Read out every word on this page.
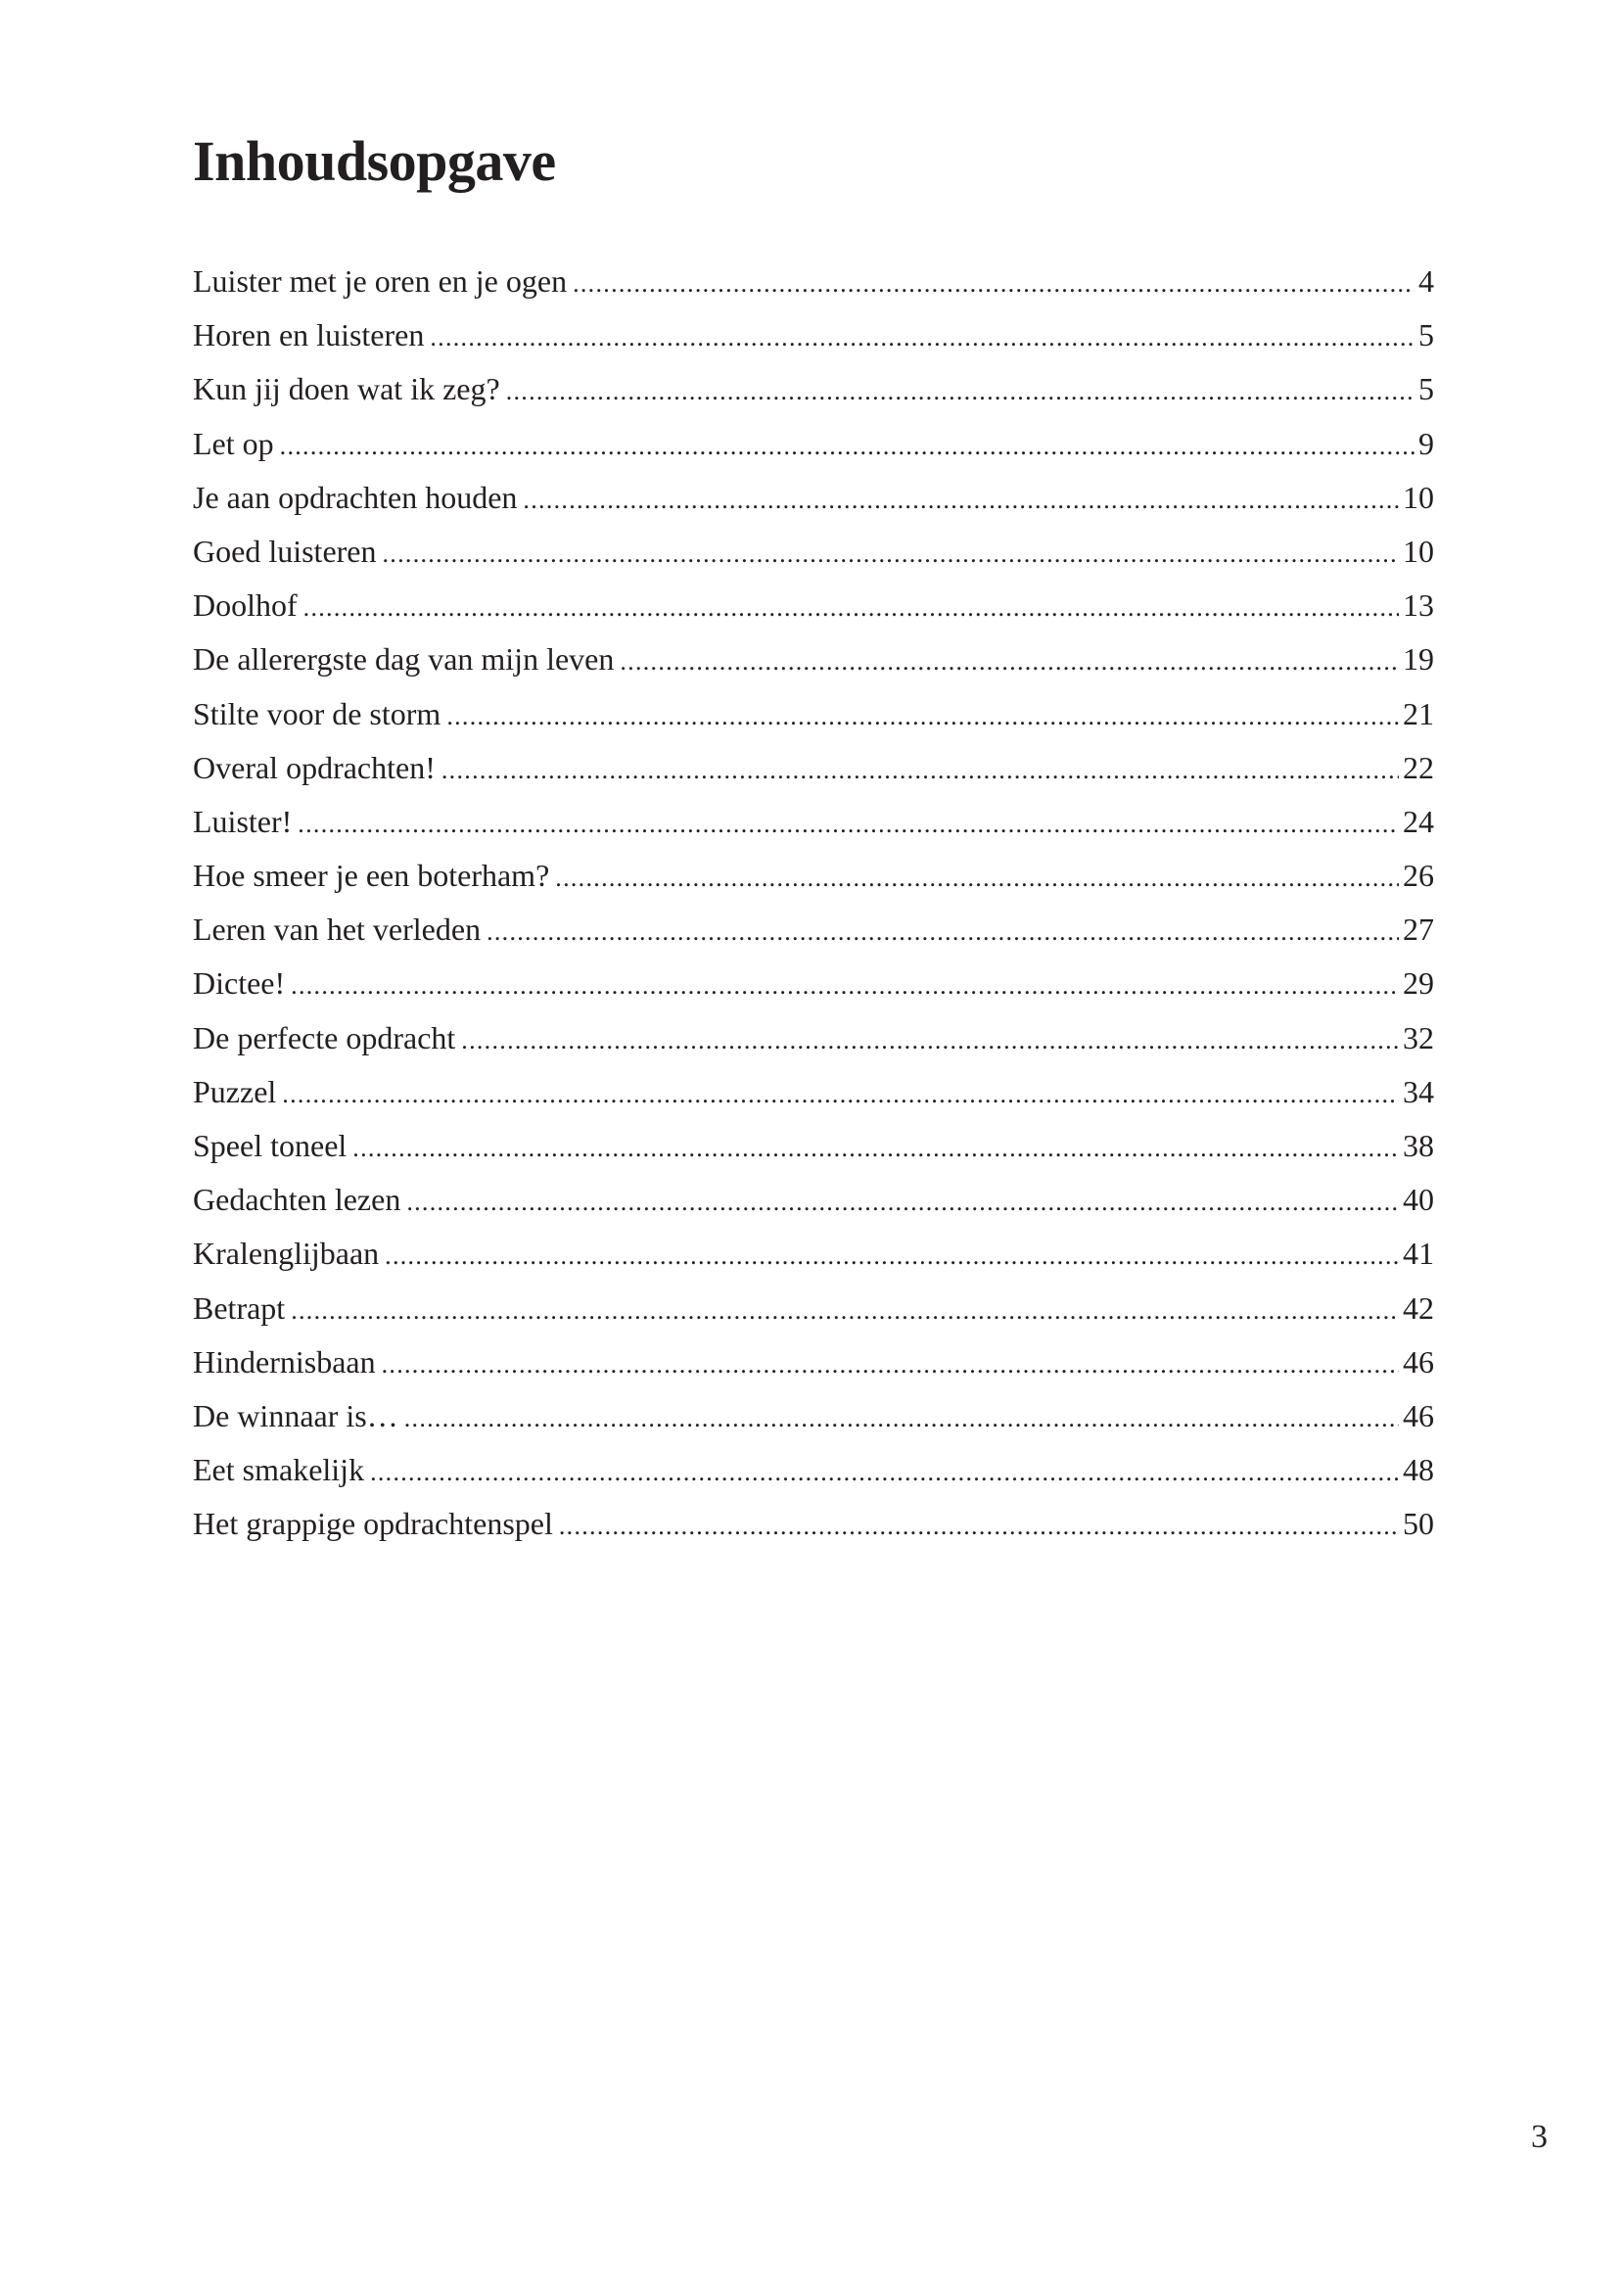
Inhoudsopgave
Luister met je oren en je ogen .....	4
Horen en luisteren .....	5
Kun jij doen wat ik zeg? .....	5
Let op .....	9
Je aan opdrachten houden .....	10
Goed luisteren .....	10
Doolhof .....	13
De allerergste dag van mijn leven .....	19
Stilte voor de storm .....	21
Overal opdrachten! .....	22
Luister! .....	24
Hoe smeer je een boterham? .....	26
Leren van het verleden .....	27
Dictee! .....	29
De perfecte opdracht .....	32
Puzzel .....	34
Speel toneel .....	38
Gedachten lezen .....	40
Kralenglijbaan .....	41
Betrapt .....	42
Hindernisbaan .....	46
De winnaar is… .....	46
Eet smakelijk .....	48
Het grappige opdrachtenspel .....	50
3
